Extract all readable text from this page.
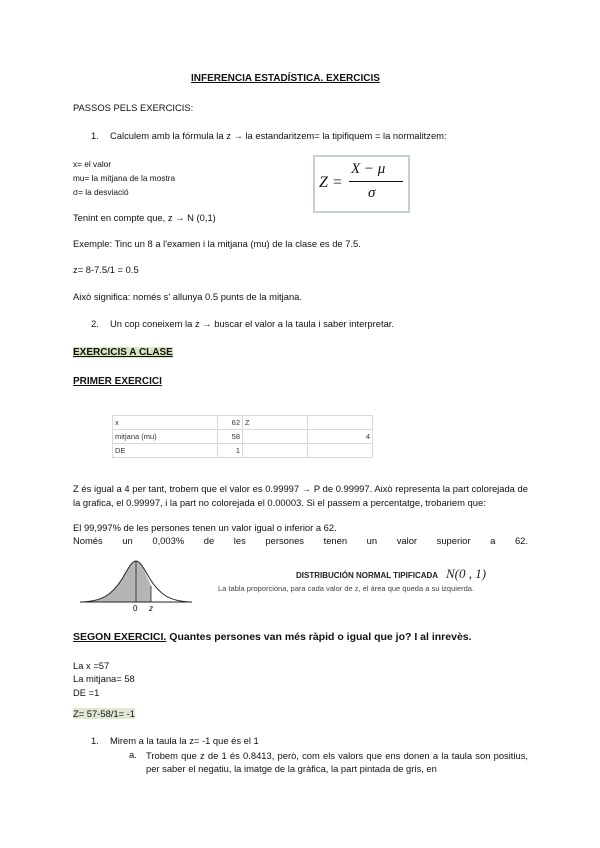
INFERENCIA ESTADÍSTICA. EXERCICIS
PASSOS PELS EXERCICIS:
1. Calculem amb la fórmula la z → la estandaritzem= la tipifiquem = la normalitzem:
x= el valor
mu= la mitjana de la mostra
σ= la desviació
Z =
X − μ
σ
Tenint en compte que, z → N (0,1)
Exemple: Tinc un 8 a l'examen i la mitjana (mu) de la clase es de 7.5.
z= 8-7.5/1 = 0.5
Això significa: només s' allunya 0.5 punts de la mitjana.
2. Un cop coneixem la z → buscar el valor a la taula i saber interpretar.
EXERCICIS A CLASE
PRIMER EXERCICI
x	62	Z	
mitjana (mu)	58		4
DE	1		
Z és igual a 4 per tant, trobem que el valor es 0.99997 → P de 0.99997. Això representa la part colorejada de la grafica, el 0.99997, i la part no colorejada el 0.00003. Si el passem a percentatge, trobariem que:
El 99,997% de les persones tenen un valor igual o inferior a 62.
Només un 0,003% de les persones tenen un valor superior a 62.
0 z
DISTRIBUCIÓN NORMAL TIPIFICADA N(0 , 1)
La tabla proporciona, para cada valor de z, el área que queda a su izquierda.
SEGON EXERCICI. Quantes persones van més ràpid o igual que jo? I al inrevès.
La x =57
La mitjana= 58
DE =1
Z= 57-58/1= -1
1. Mirem a la taula la z= -1 que és el 1
a. Trobem que z de 1 és 0.8413, però, com els valors que ens donen a la taula son positius, per saber el negatiu, la imatge de la gràfica, la part pintada de gris, en
